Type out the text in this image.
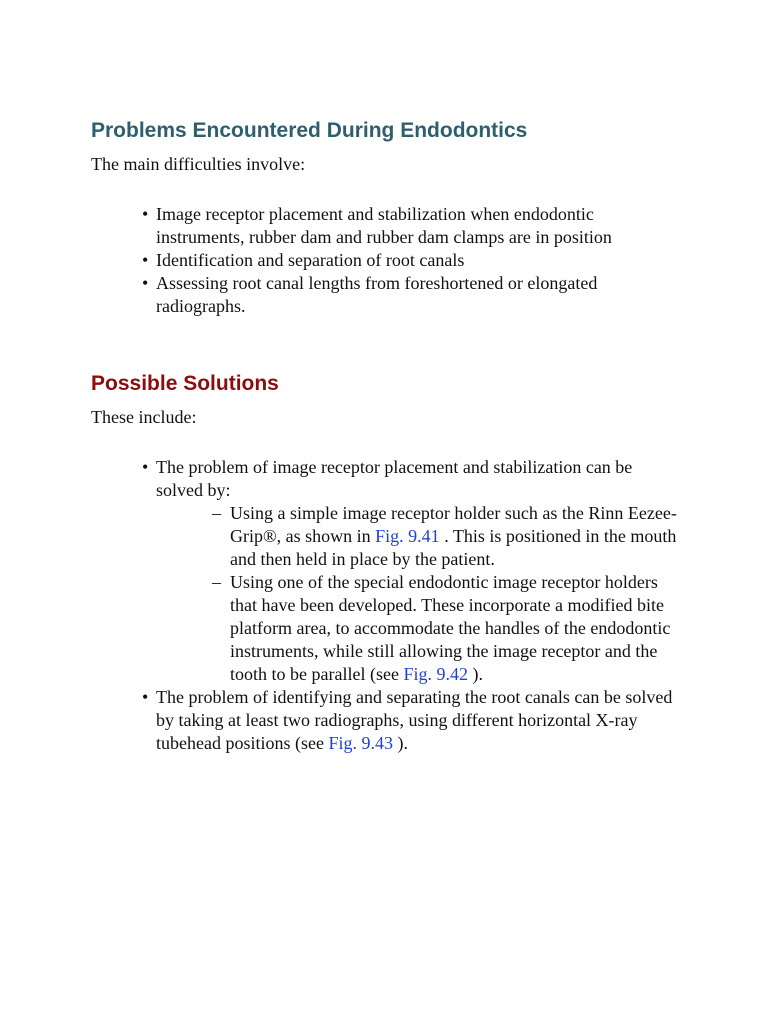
Problems Encountered During Endodontics

The main difficulties involve:

• Image receptor placement and stabilization when endodontic instruments, rubber dam and rubber dam clamps are in position
• Identification and separation of root canals
• Assessing root canal lengths from foreshortened or elongated radiographs.
Possible Solutions

These include:

• The problem of image receptor placement and stabilization can be solved by:
– Using a simple image receptor holder such as the Rinn Eezee-Grip®, as shown in Fig. 9.41 . This is positioned in the mouth and then held in place by the patient.
– Using one of the special endodontic image receptor holders that have been developed. These incorporate a modified bite platform area, to accommodate the handles of the endodontic instruments, while still allowing the image receptor and the tooth to be parallel (see Fig. 9.42 ).
• The problem of identifying and separating the root canals can be solved by taking at least two radiographs, using different horizontal X-ray tubehead positions (see Fig. 9.43 ).
